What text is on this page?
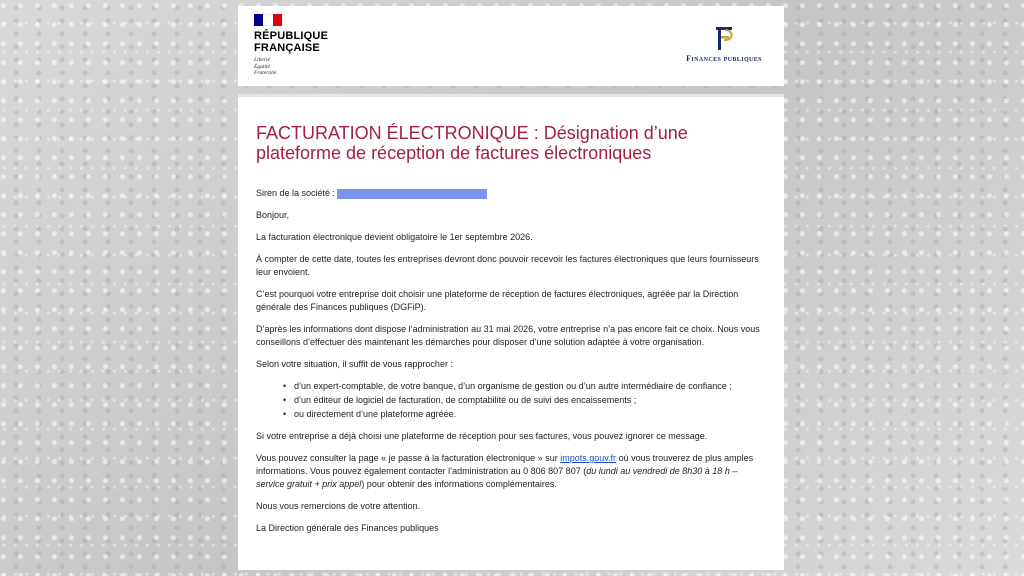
RÉPUBLIQUE
FRANÇAISE
Liberté
Égalité
Fraternité
Finances publiques
FACTURATION ÉLECTRONIQUE : Désignation d’une plateforme de réception de factures électroniques

Siren de la société :

Bonjour,

La facturation électronique devient obligatoire le 1er septembre 2026.

À compter de cette date, toutes les entreprises devront donc pouvoir recevoir les factures électroniques que leurs fournisseurs leur envoient.

C’est pourquoi votre entreprise doit choisir une plateforme de réception de factures électroniques, agréée par la Direction générale des Finances publiques (DGFiP).

D’après les informations dont dispose l’administration au 31 mai 2026, votre entreprise n’a pas encore fait ce choix. Nous vous conseillons d’effectuer dès maintenant les démarches pour disposer d’une solution adaptée à votre organisation.

Selon votre situation, il suffit de vous rapprocher :

• d’un expert-comptable, de votre banque, d’un organisme de gestion ou d’un autre intermédiaire de confiance ;
• d’un éditeur de logiciel de facturation, de comptabilité ou de suivi des encaissements ;
• ou directement d’une plateforme agréée.

Si votre entreprise a déjà choisi une plateforme de réception pour ses factures, vous pouvez ignorer ce message.

Vous pouvez consulter la page « je passe à la facturation électronique » sur impots.gouv.fr où vous trouverez de plus amples informations. Vous pouvez également contacter l’administration au 0 806 807 807 (du lundi au vendredi de 8h30 à 18 h – service gratuit + prix appel) pour obtenir des informations complémentaires.

Nous vous remercions de votre attention.

La Direction générale des Finances publiques
